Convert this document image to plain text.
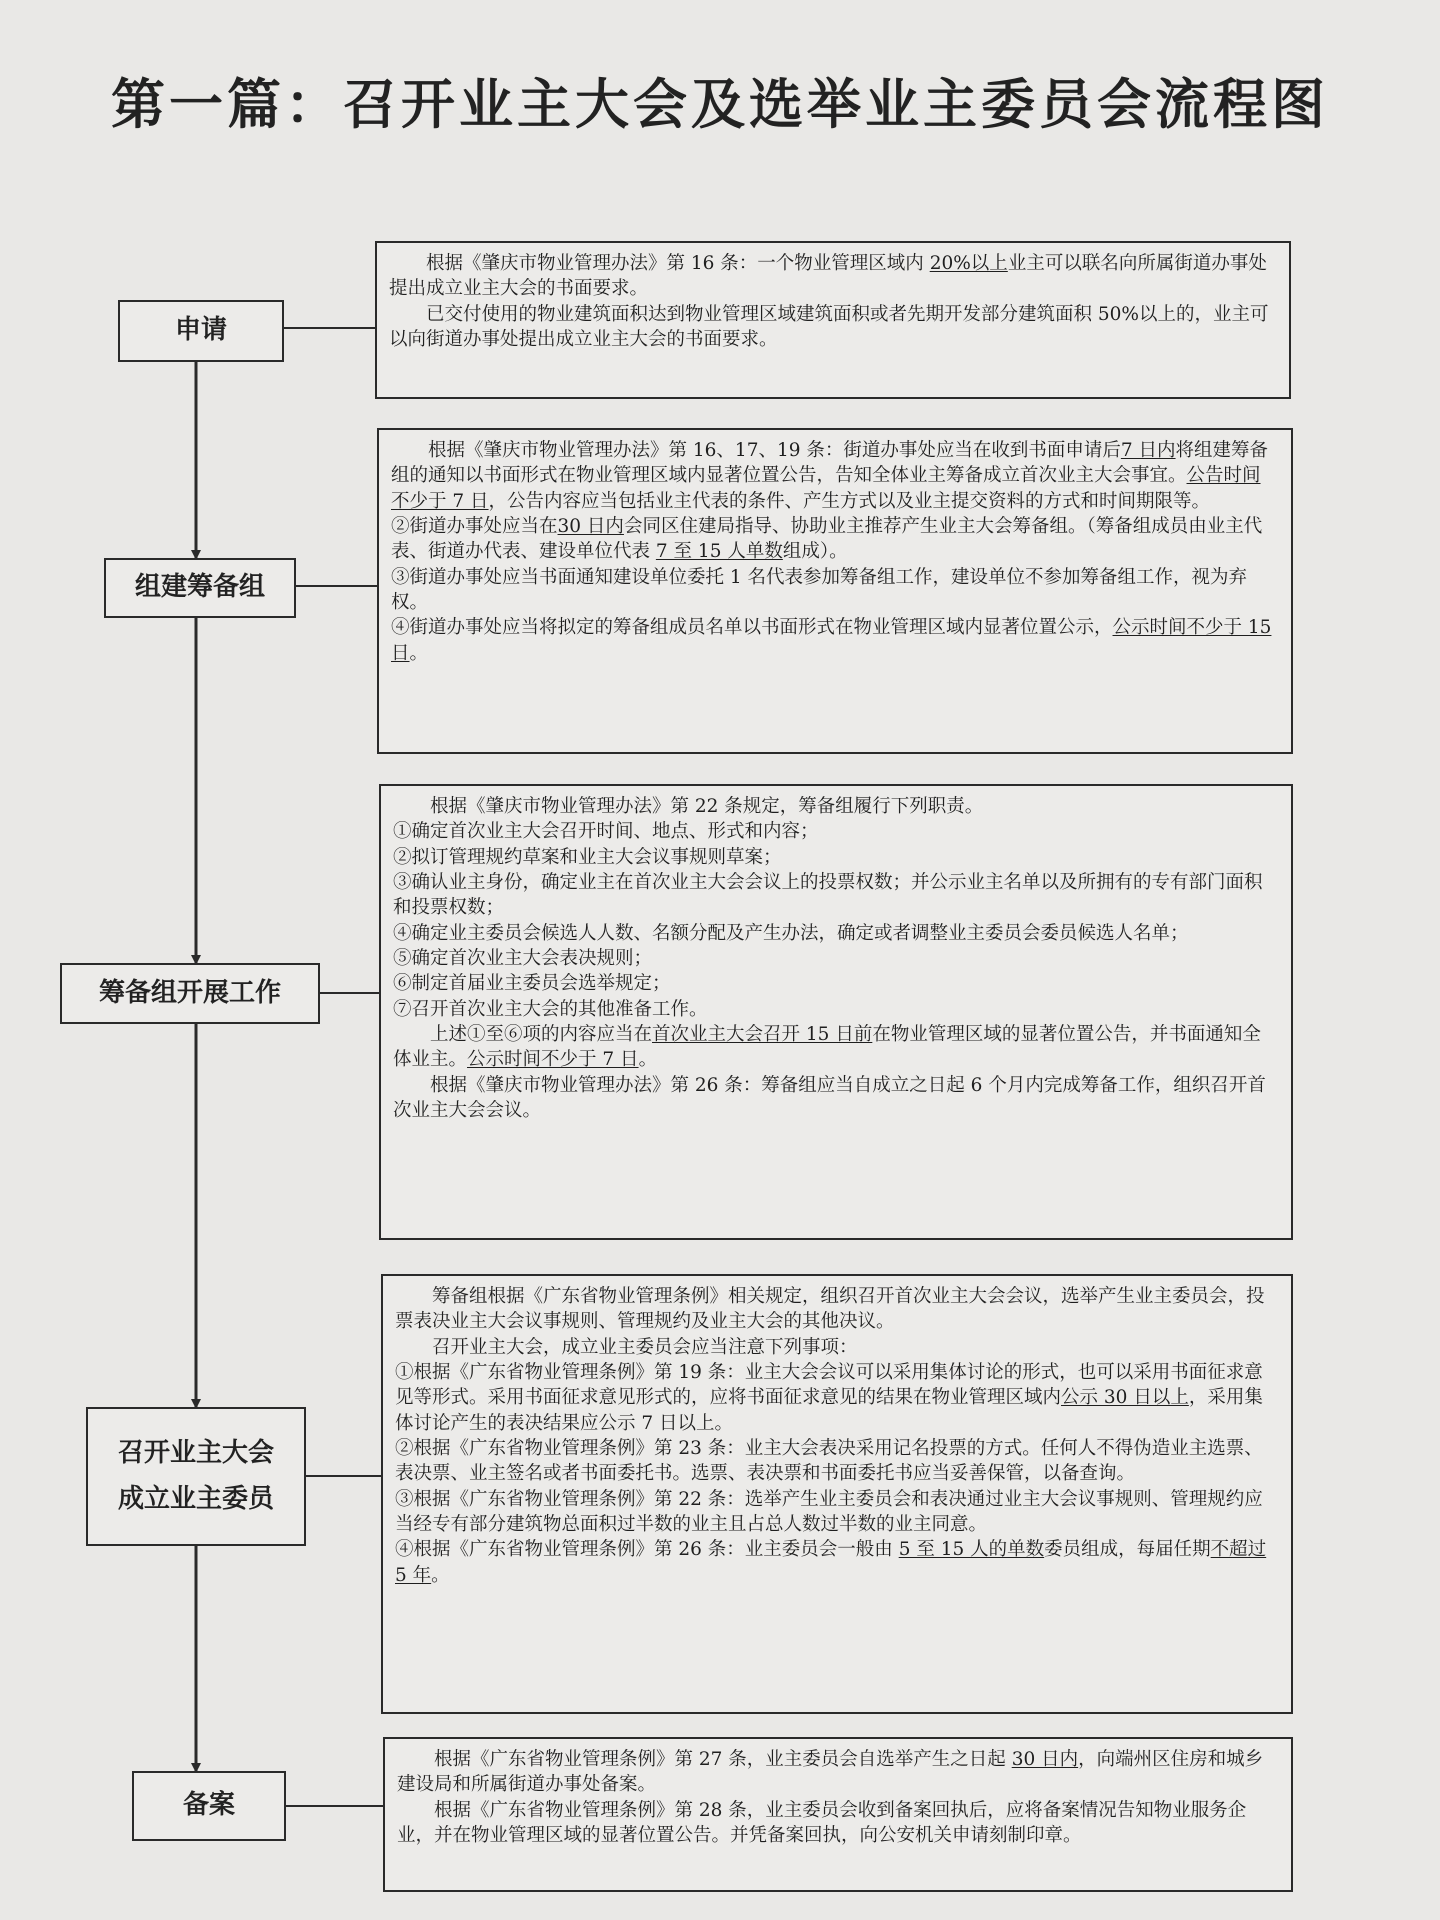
第一篇：召开业主大会及选举业主委员会流程图
申请
组建筹备组
筹备组开展工作
召开业主大会
成立业主委员
备案

根据《肇庆市物业管理办法》第 16 条：一个物业管理区域内 20%以上业主可以联名向所属街道办事处提出成立业主大会的书面要求。

已交付使用的物业建筑面积达到物业管理区域建筑面积或者先期开发部分建筑面积 50%以上的，业主可以向街道办事处提出成立业主大会的书面要求。

根据《肇庆市物业管理办法》第 16、17、19 条：街道办事处应当在收到书面申请后7 日内将组建筹备组的通知以书面形式在物业管理区域内显著位置公告，告知全体业主筹备成立首次业主大会事宜。公告时间不少于 7 日，公告内容应当包括业主代表的条件、产生方式以及业主提交资料的方式和时间期限等。

②街道办事处应当在30 日内会同区住建局指导、协助业主推荐产生业主大会筹备组。（筹备组成员由业主代表、街道办代表、建设单位代表 7 至 15 人单数组成）。

③街道办事处应当书面通知建设单位委托 1 名代表参加筹备组工作，建设单位不参加筹备组工作，视为弃权。

④街道办事处应当将拟定的筹备组成员名单以书面形式在物业管理区域内显著位置公示，公示时间不少于 15 日。

根据《肇庆市物业管理办法》第 22 条规定，筹备组履行下列职责。

①确定首次业主大会召开时间、地点、形式和内容；

②拟订管理规约草案和业主大会议事规则草案；

③确认业主身份，确定业主在首次业主大会会议上的投票权数；并公示业主名单以及所拥有的专有部门面积和投票权数；

④确定业主委员会候选人人数、名额分配及产生办法，确定或者调整业主委员会委员候选人名单；

⑤确定首次业主大会表决规则；

⑥制定首届业主委员会选举规定；

⑦召开首次业主大会的其他准备工作。

上述①至⑥项的内容应当在首次业主大会召开 15 日前在物业管理区域的显著位置公告，并书面通知全体业主。公示时间不少于 7 日。

根据《肇庆市物业管理办法》第 26 条：筹备组应当自成立之日起 6 个月内完成筹备工作，组织召开首次业主大会会议。

筹备组根据《广东省物业管理条例》相关规定，组织召开首次业主大会会议，选举产生业主委员会，投票表决业主大会议事规则、管理规约及业主大会的其他决议。

召开业主大会，成立业主委员会应当注意下列事项：

①根据《广东省物业管理条例》第 19 条：业主大会会议可以采用集体讨论的形式，也可以采用书面征求意见等形式。采用书面征求意见形式的，应将书面征求意见的结果在物业管理区域内公示 30 日以上，采用集体讨论产生的表决结果应公示 7 日以上。

②根据《广东省物业管理条例》第 23 条：业主大会表决采用记名投票的方式。任何人不得伪造业主选票、表决票、业主签名或者书面委托书。选票、表决票和书面委托书应当妥善保管，以备查询。

③根据《广东省物业管理条例》第 22 条：选举产生业主委员会和表决通过业主大会议事规则、管理规约应当经专有部分建筑物总面积过半数的业主且占总人数过半数的业主同意。

④根据《广东省物业管理条例》第 26 条：业主委员会一般由 5 至 15 人的单数委员组成，每届任期不超过 5 年。

根据《广东省物业管理条例》第 27 条，业主委员会自选举产生之日起 30 日内，向端州区住房和城乡建设局和所属街道办事处备案。

根据《广东省物业管理条例》第 28 条，业主委员会收到备案回执后，应将备案情况告知物业服务企业，并在物业管理区域的显著位置公告。并凭备案回执，向公安机关申请刻制印章。
